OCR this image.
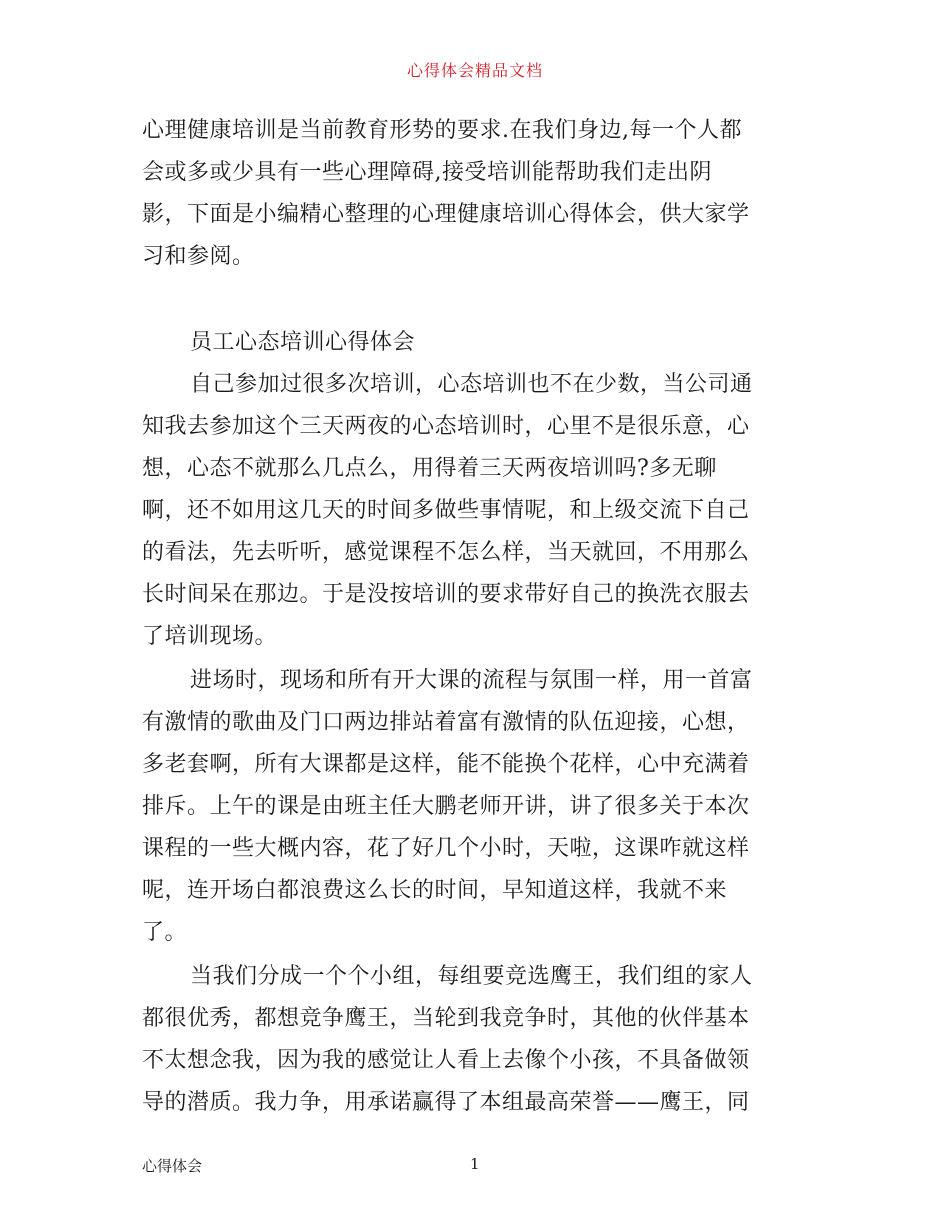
心得体会精品文档
心理健康培训是当前教育形势的要求.在我们身边,每一个人都
会或多或少具有一些心理障碍,接受培训能帮助我们走出阴
影，下面是小编精心整理的心理健康培训心得体会，供大家学
习和参阅。
员工心态培训心得体会
自己参加过很多次培训，心态培训也不在少数，当公司通
知我去参加这个三天两夜的心态培训时，心里不是很乐意，心
想，心态不就那么几点么，用得着三天两夜培训吗?多无聊
啊，还不如用这几天的时间多做些事情呢，和上级交流下自己
的看法，先去听听，感觉课程不怎么样，当天就回，不用那么
长时间呆在那边。于是没按培训的要求带好自己的换洗衣服去
了培训现场。
进场时，现场和所有开大课的流程与氛围一样，用一首富
有激情的歌曲及门口两边排站着富有激情的队伍迎接，心想，
多老套啊，所有大课都是这样，能不能换个花样，心中充满着
排斥。上午的课是由班主任大鹏老师开讲，讲了很多关于本次
课程的一些大概内容，花了好几个小时，天啦，这课咋就这样
呢，连开场白都浪费这么长的时间，早知道这样，我就不来
了。
当我们分成一个个小组，每组要竞选鹰王，我们组的家人
都很优秀，都想竞争鹰王，当轮到我竞争时，其他的伙伴基本
不太想念我，因为我的感觉让人看上去像个小孩，不具备做领
导的潜质。我力争，用承诺赢得了本组最高荣誉——鹰王，同
心得体会	1
